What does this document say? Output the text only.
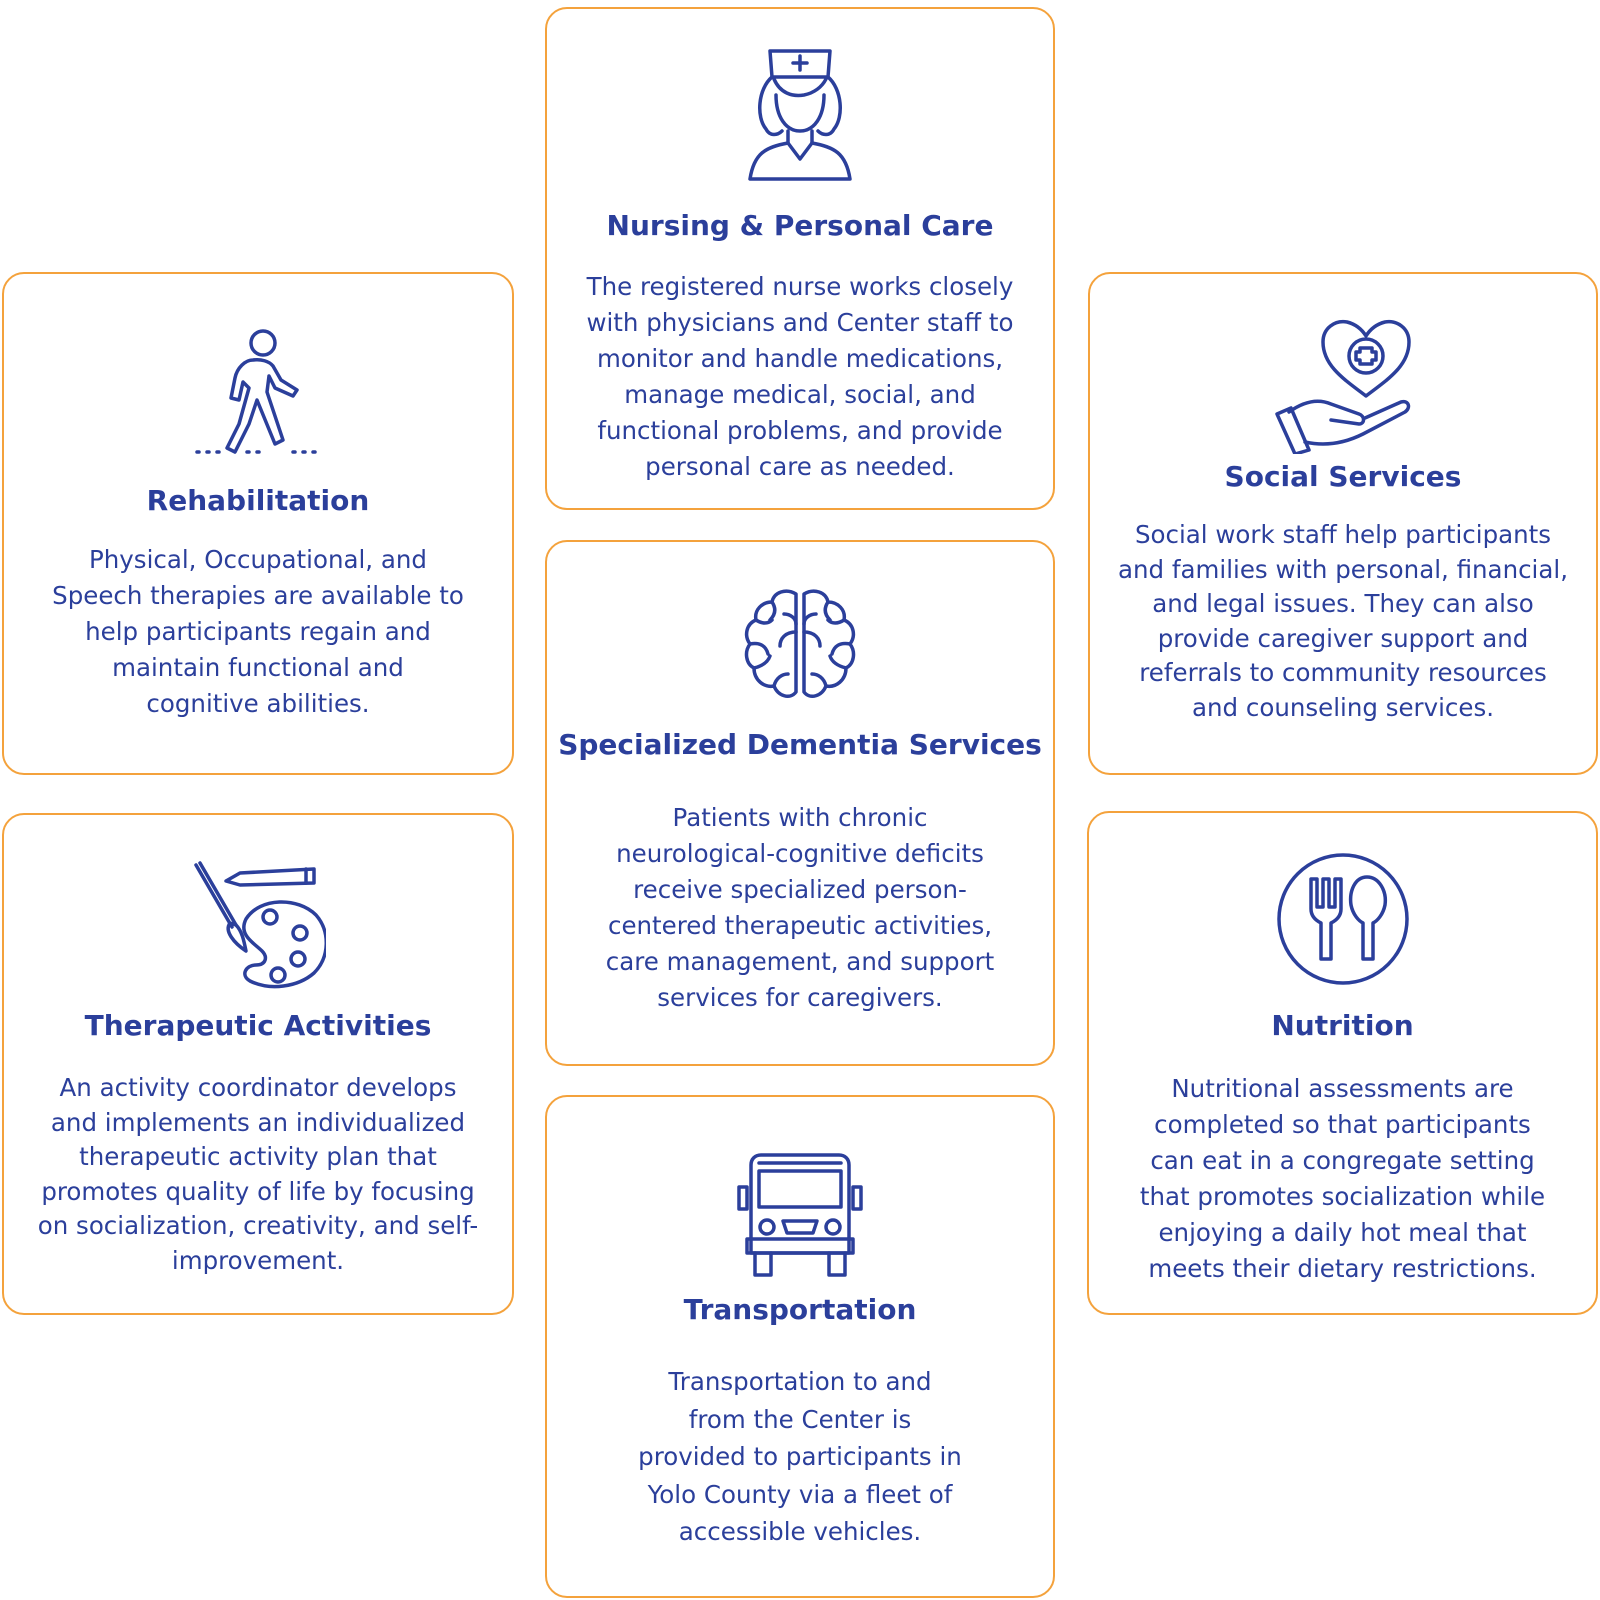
Nursing & Personal Care

The registered nurse works closely
with physicians and Center staff to
monitor and handle medications,
manage medical, social, and
functional problems, and provide
personal care as needed.

Rehabilitation

Physical, Occupational, and
Speech therapies are available to
help participants regain and
maintain functional and
cognitive abilities.

Social Services

Social work staff help participants
and families with personal, financial,
and legal issues. They can also
provide caregiver support and
referrals to community resources
and counseling services.

Specialized Dementia Services

Patients with chronic
neurological-cognitive deficits
receive specialized person-
centered therapeutic activities,
care management, and support
services for caregivers.

Therapeutic Activities

An activity coordinator develops
and implements an individualized
therapeutic activity plan that
promotes quality of life by focusing
on socialization, creativity, and self-
improvement.

Nutrition

Nutritional assessments are
completed so that participants
can eat in a congregate setting
that promotes socialization while
enjoying a daily hot meal that
meets their dietary restrictions.

Transportation

Transportation to and
from the Center is
provided to participants in
Yolo County via a fleet of
accessible vehicles.
